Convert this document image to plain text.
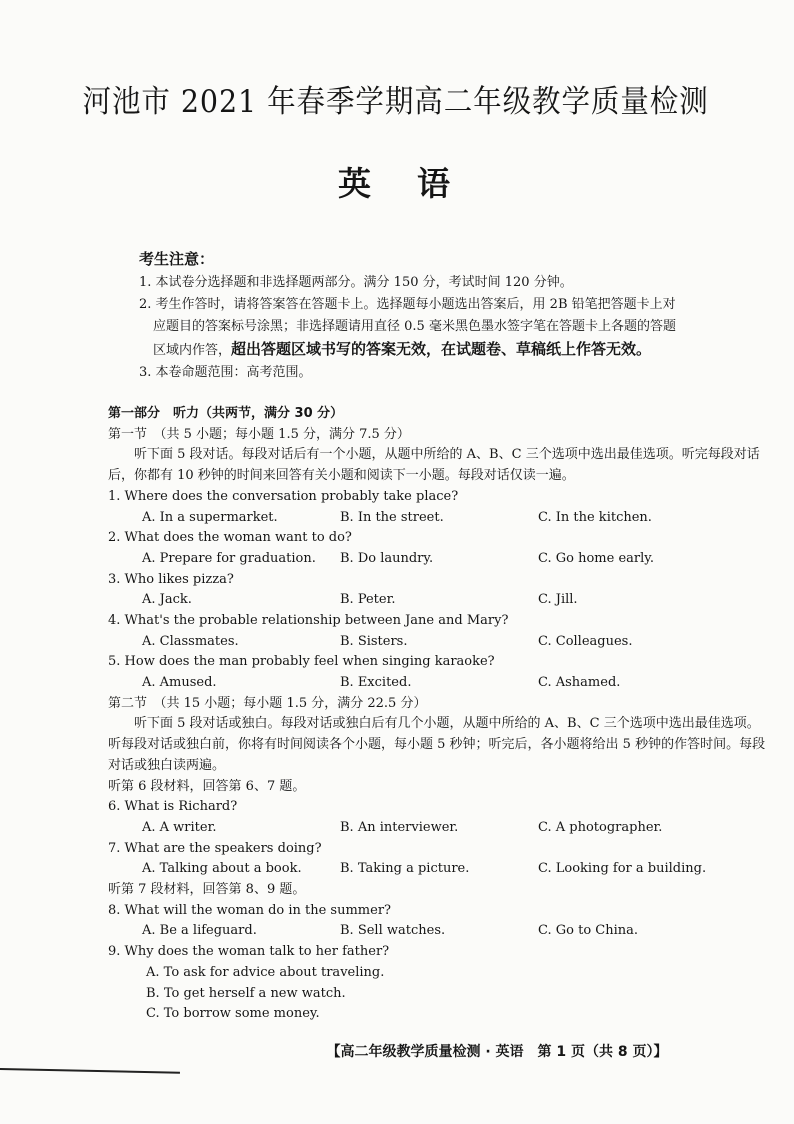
河池市 2021 年春季学期高二年级教学质量检测
英语
考生注意：
1. 本试卷分选择题和非选择题两部分。满分 150 分，考试时间 120 分钟。
2. 考生作答时，请将答案答在答题卡上。选择题每小题选出答案后，用 2B 铅笔把答题卡上对
应题目的答案标号涂黑；非选择题请用直径 0.5 毫米黑色墨水签字笔在答题卡上各题的答题
区域内作答，超出答题区域书写的答案无效，在试题卷、草稿纸上作答无效。
3. 本卷命题范围：高考范围。
第一部分　听力（共两节，满分 30 分）
第一节　（共 5 小题；每小题 1.5 分，满分 7.5 分）
听下面 5 段对话。每段对话后有一个小题，从题中所给的 A、B、C 三个选项中选出最佳选项。听完每段对话后，你都有 10 秒钟的时间来回答有关小题和阅读下一小题。每段对话仅读一遍。
1. Where does the conversation probably take place?
A. In a supermarket.	B. In the street.	C. In the kitchen.
2. What does the woman want to do?
A. Prepare for graduation. B. Do laundry.	C. Go home early.
3. Who likes pizza?
A. Jack.	B. Peter.	C. Jill.
4. What's the probable relationship between Jane and Mary?
A. Classmates.	B. Sisters.	C. Colleagues.
5. How does the man probably feel when singing karaoke?
A. Amused.	B. Excited.	C. Ashamed.
第二节　（共 15 小题；每小题 1.5 分，满分 22.5 分）
听下面 5 段对话或独白。每段对话或独白后有几个小题，从题中所给的 A、B、C 三个选项中选出最佳选项。听每段对话或独白前，你将有时间阅读各个小题，每小题 5 秒钟；听完后，各小题将给出 5 秒钟的作答时间。每段对话或独白读两遍。
听第 6 段材料，回答第 6、7 题。
6. What is Richard?
A. A writer.	B. An interviewer.	C. A photographer.
7. What are the speakers doing?
A. Talking about a book.	B. Taking a picture.	C. Looking for a building.
听第 7 段材料，回答第 8、9 题。
8. What will the woman do in the summer?
A. Be a lifeguard.	B. Sell watches.	C. Go to China.
9. Why does the woman talk to her father?
A. To ask for advice about traveling.
B. To get herself a new watch.
C. To borrow some money.
【高二年级教学质量检测 · 英语　第 1 页（共 8 页）】
